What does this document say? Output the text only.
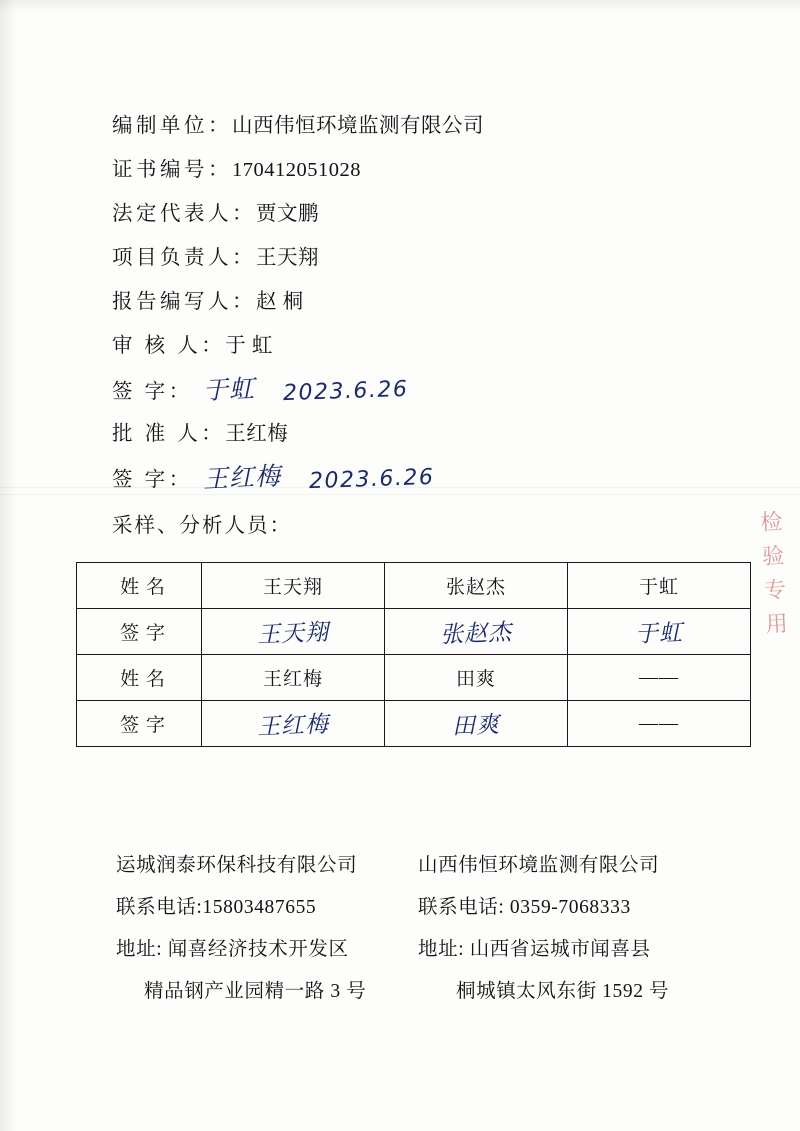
检验专用
编制单位：山西伟恒环境监测有限公司
证书编号：170412051028
法定代表人：贾文鹏
项目负责人：王天翔
报告编写人：赵 桐
审 核 人：于 虹
签 字： 于虹 2023.6.26
批 准 人：王红梅
签 字： 王红梅 2023.6.26
采样、分析人员：
姓 名	王天翔	张赵杰	于虹
签 字	王天翔	张赵杰	于虹
姓 名	王红梅	田爽	——
签 字	王红梅	田爽	——
运城润泰环保科技有限公司
联系电话:15803487655
地址: 闻喜经济技术开发区
精品钢产业园精一路 3 号
山西伟恒环境监测有限公司
联系电话: 0359-7068333
地址: 山西省运城市闻喜县
桐城镇太风东街 1592 号
